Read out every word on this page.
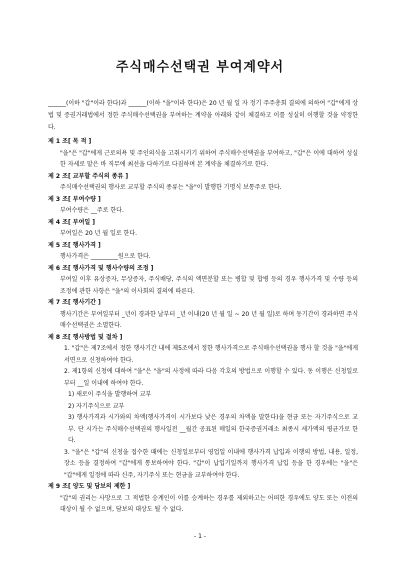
주식매수선택권 부여계약서
______(이하 "갑"이라 한다)과 ______(이하 "을"이라 한다)은 20 년 월 일 자 정기 주주총회 결의에 의하여 "갑"에게 상법 및 증권거래법에서 정한 주식매수선택권을 부여하는 계약을 아래와 같이 체결하고 이를 성실히 이행할 것을 약정한다.
제 1 조[ 목 적 ]
"을"은 "갑"에게 근로의욕 및 주인의식을 고취시키기 위하여 주식매수선택권을 부여하고, "갑"은 이에 대하여 성실한 자세로 맡은 바 직무에 최선을 다하기로 다짐하며 본 계약을 체결하기로 한다.
제 2 조[ 교부할 주식의 종류 ]
주식매수선택권의 행사로 교부할 주식의 종류는 "을"이 발행한 기명식 보통주로 한다.
제 3 조[ 부여수량 ]
부여수량은 __주로 한다.
제 4 조[ 부여일 ]
부여일은 20 년 월 일로 한다.
제 5 조[ 행사가격 ]
행사가격은 _________원으로 한다.
제 6 조[ 행사가격 및 행사수량의 조정 ]
부여일 이후 유상증자, 무상증자, 주식배당, 주식의 액면분할 또는 병합 및 합병 등의 경우 행사가격 및 수량 등의 조정에 관한 사항은 "을"의 이사회의 결의에 따른다.
제 7 조[ 행사기간 ]
행사기간은 부여일부터 _년이 경과한 날부터 _년 이내(20 년 월 일 ~ 20 년 월 일)로 하며 동기간이 경과하면 주식매수선택권은 소멸한다.
제 8 조[ 행사방법 및 절차 ]
1. "갑"은 제7조에서 정한 행사기간 내에 제5조에서 정한 행사가격으로 주식매수선택권을 행사 할 것을 "을"에게 서면으로 신청하여야 한다.
2. 제1항의 신청에 대하여 "을"은 "을"의 사정에 따라 다음 각호의 방법으로 이행할 수 있다. 동 이행은 신청일로부터 __일 이내에 하여야 한다.
1) 새로이 주식을 발행하여 교부
2) 자기주식으로 교부
3) 행사가격과 시가와의 차액(행사가격이 시가보다 낮은 경우의 차액을 말한다)을 현금 또는 자기주식으로 교부. 단 시가는 주식매수선택권의 행사일전 __월간 공표된 매일의 한국증권거래소 최종시 세가액의 평균가로 한다.
3. "을"은 "갑"의 신청을 접수한 때에는 신청일로부터 영업일 이내에 행사가격 납입과 이행의 방법, 내용, 일정, 장소 등을 결정하여 "갑"에게 통보하여야 한다. "갑"이 납입기일까지 행사가격 납입 등을 한 경우에는 "을"은 "갑"에게 일정에 따라 신주, 자기주식 또는 현금을 교부하여야 한다.
제 9 조[ 양도 및 담보의 제한 ]
"갑"의 권리는 사망으로 그 적법한 승계인이 이를 승계하는 경우를 제외하고는 어떠한 경우에도 양도 또는 이전의 대상이 될 수 없으며, 담보의 대상도 될 수 없다.
- 1 -
